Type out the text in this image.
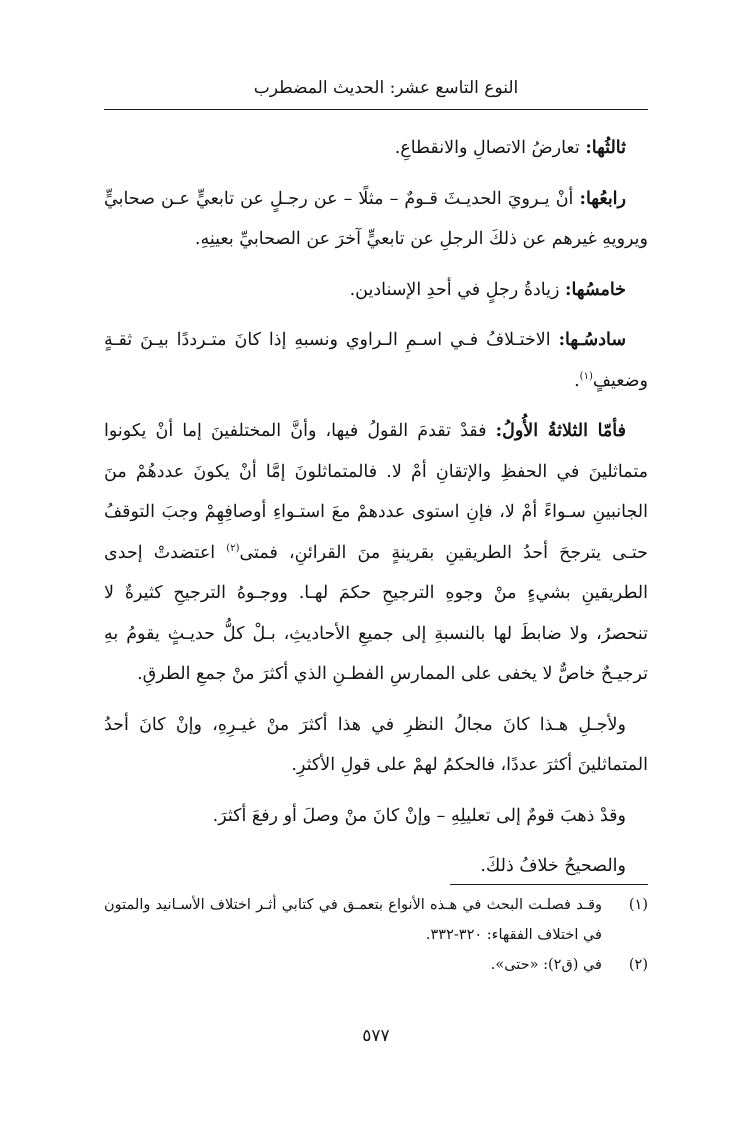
النوع التاسع عشر: الحديث المضطرب

ثالثُها: تعارضُ الاتصالِ والانقطاعِ.

رابعُها: أنْ يـرويَ الحديـثَ قـومٌ – مثلًا – عن رجـلٍ عن تابعيٍّ عـن صحابيٍّ ويرويهِ غيرهم عن ذلكَ الرجلِ عن تابعيٍّ آخرَ عن الصحابيِّ بعينِهِ.

خامسُها: زيادةُ رجلٍ في أحدِ الإسنادين.

سادسُـها: الاختـلافُ فـي اسـمِ الـراوي ونسبهِ إذا كانَ متـرددًا بيـنَ ثقـةٍ وضعيفٍ$^{(١)}$.

فأمّا الثلاثةُ الأُولُ: فقدْ تقدمَ القولُ فيها، وأنَّ المختلفينَ إما أنْ يكونوا متماثلينَ في الحفظِ والإتقانِ أمْ لا. فالمتماثلونَ إمَّا أنْ يكونَ عددهُمْ منَ الجانبينِ سـواءً أمْ لا، فإنِ استوى عددهمْ معَ استـواءِ أوصافِهِمْ وجبَ التوقفُ حتـى يترجحَ أحدُ الطريقينِ بقرينةٍ منَ القرائنِ، فمتى$^{(٢)}$ اعتضدتْ إحدى الطريقينِ بشيءٍ منْ وجوهِ الترجيحِ حكمَ لهـا. ووجـوهُ الترجيحِ كثيرةٌ لا تنحصرُ، ولا ضابطَ لها بالنسبةِ إلى جميعِ الأحاديثِ، بـلْ كلُّ حديـثٍ يقومُ بهِ ترجيـحٌ خاصٌّ لا يخفى على الممارسِ الفطـنِ الذي أكثرَ منْ جمعِ الطرقِ.

ولأجـلِ هـذا كانَ مجالُ النظرِ في هذا أكثرَ منْ غيـرِهِ، وإنْ كانَ أحدُ المتماثلينَ أكثرَ عددًا، فالحكمُ لهمْ على قولِ الأكثرِ.

وقدْ ذهبَ قومٌ إلى تعليلِهِ – وإنْ كانَ منْ وصلَ أو رفعَ أكثرَ.

والصحيحُ خلافُ ذلكَ.

(١)
وقـد فصلـت البحث في هـذه الأنواع بتعمـق في كتابي أثـر اختلاف الأسـانيد والمتون في اختلاف الفقهاء: ٣٢٠-٣٣٢.
(٢)
في (ق٢): «حتى».
٥٧٧
